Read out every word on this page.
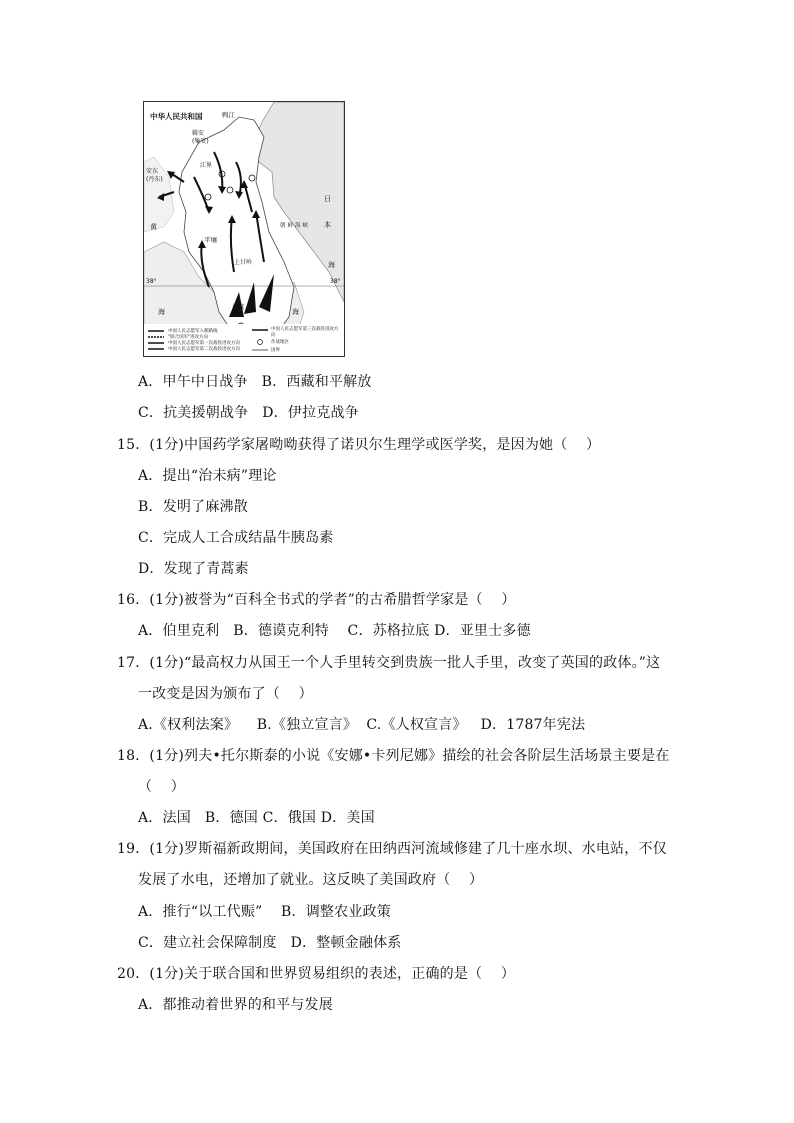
中华人民共和国	鸭江
辑安
(集安)
安东
(丹东)
江界
黄
海
平壤
上甘岭
汉城
38°	38°
日
本
朝鲜海峡
海
海
中国人民志愿军入朝路线
"联合国军"进攻方向
中国人民志愿军第一次战役进攻方向
中国人民志愿军第二次战役进攻方向
中国人民志愿军第三次战役进攻方向
作战地区
国界
A．甲午中日战争   B．西藏和平解放
C．抗美援朝战争   D．伊拉克战争
15．(1分)中国药学家屠呦呦获得了诺贝尔生理学或医学奖，是因为她（    ）
A．提出“治未病”理论
B．发明了麻沸散
C．完成人工合成结晶牛胰岛素
D．发现了青蒿素
16．(1分)被誉为“百科全书式的学者”的古希腊哲学家是（    ）
A．伯里克利   B．德谟克利特    C．苏格拉底 D．亚里士多德
17．(1分)“最高权力从国王一个人手里转交到贵族一批人手里，改变了英国的政体。”这
一改变是因为颁布了（    ）
A.《权利法案》    B.《独立宣言》  C.《人权宣言》   D．1787年宪法
18．(1分)列夫•托尔斯泰的小说《安娜•卡列尼娜》描绘的社会各阶层生活场景主要是在
（    ）
A．法国   B．德国 C．俄国 D．美国
19．(1分)罗斯福新政期间，美国政府在田纳西河流域修建了几十座水坝、水电站，不仅
发展了水电，还增加了就业。这反映了美国政府（    ）
A．推行“以工代赈”    B．调整农业政策
C．建立社会保障制度   D．整顿金融体系
20．(1分)关于联合国和世界贸易组织的表述，正确的是（    ）
A．都推动着世界的和平与发展
